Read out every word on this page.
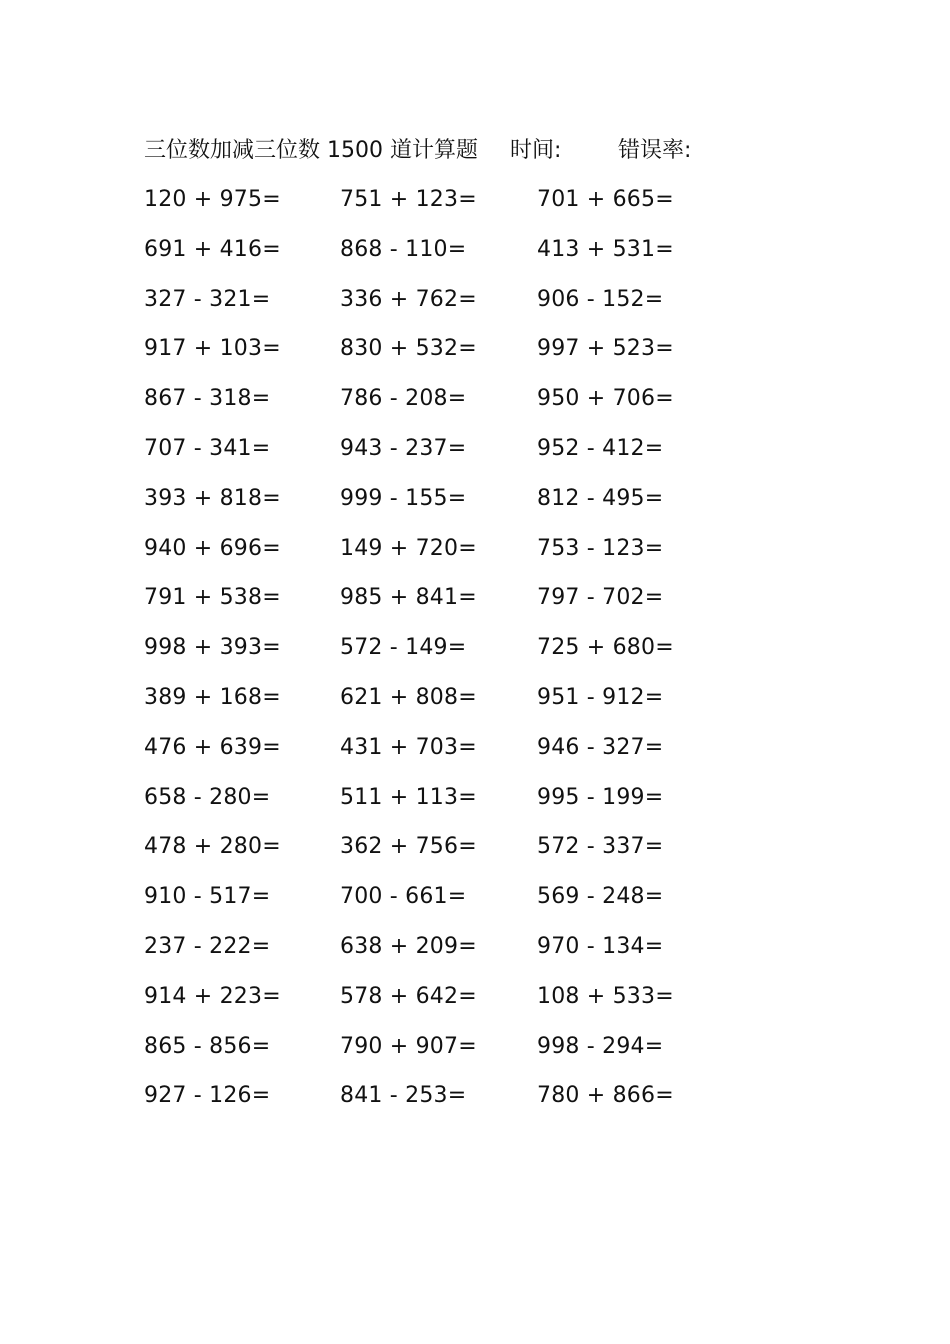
三位数加减三位数 1500 道计算题 时间:	错误率:
120 + 975=	751 + 123=	701 + 665=
691 + 416=	868 - 110=	413 + 531=
327 - 321=	336 + 762=	906 - 152=
917 + 103=	830 + 532=	997 + 523=
867 - 318=	786 - 208=	950 + 706=
707 - 341=	943 - 237=	952 - 412=
393 + 818=	999 - 155=	812 - 495=
940 + 696=	149 + 720=	753 - 123=
791 + 538=	985 + 841=	797 - 702=
998 + 393=	572 - 149=	725 + 680=
389 + 168=	621 + 808=	951 - 912=
476 + 639=	431 + 703=	946 - 327=
658 - 280=	511 + 113=	995 - 199=
478 + 280=	362 + 756=	572 - 337=
910 - 517=	700 - 661=	569 - 248=
237 - 222=	638 + 209=	970 - 134=
914 + 223=	578 + 642=	108 + 533=
865 - 856=	790 + 907=	998 - 294=
927 - 126=	841 - 253=	780 + 866=
